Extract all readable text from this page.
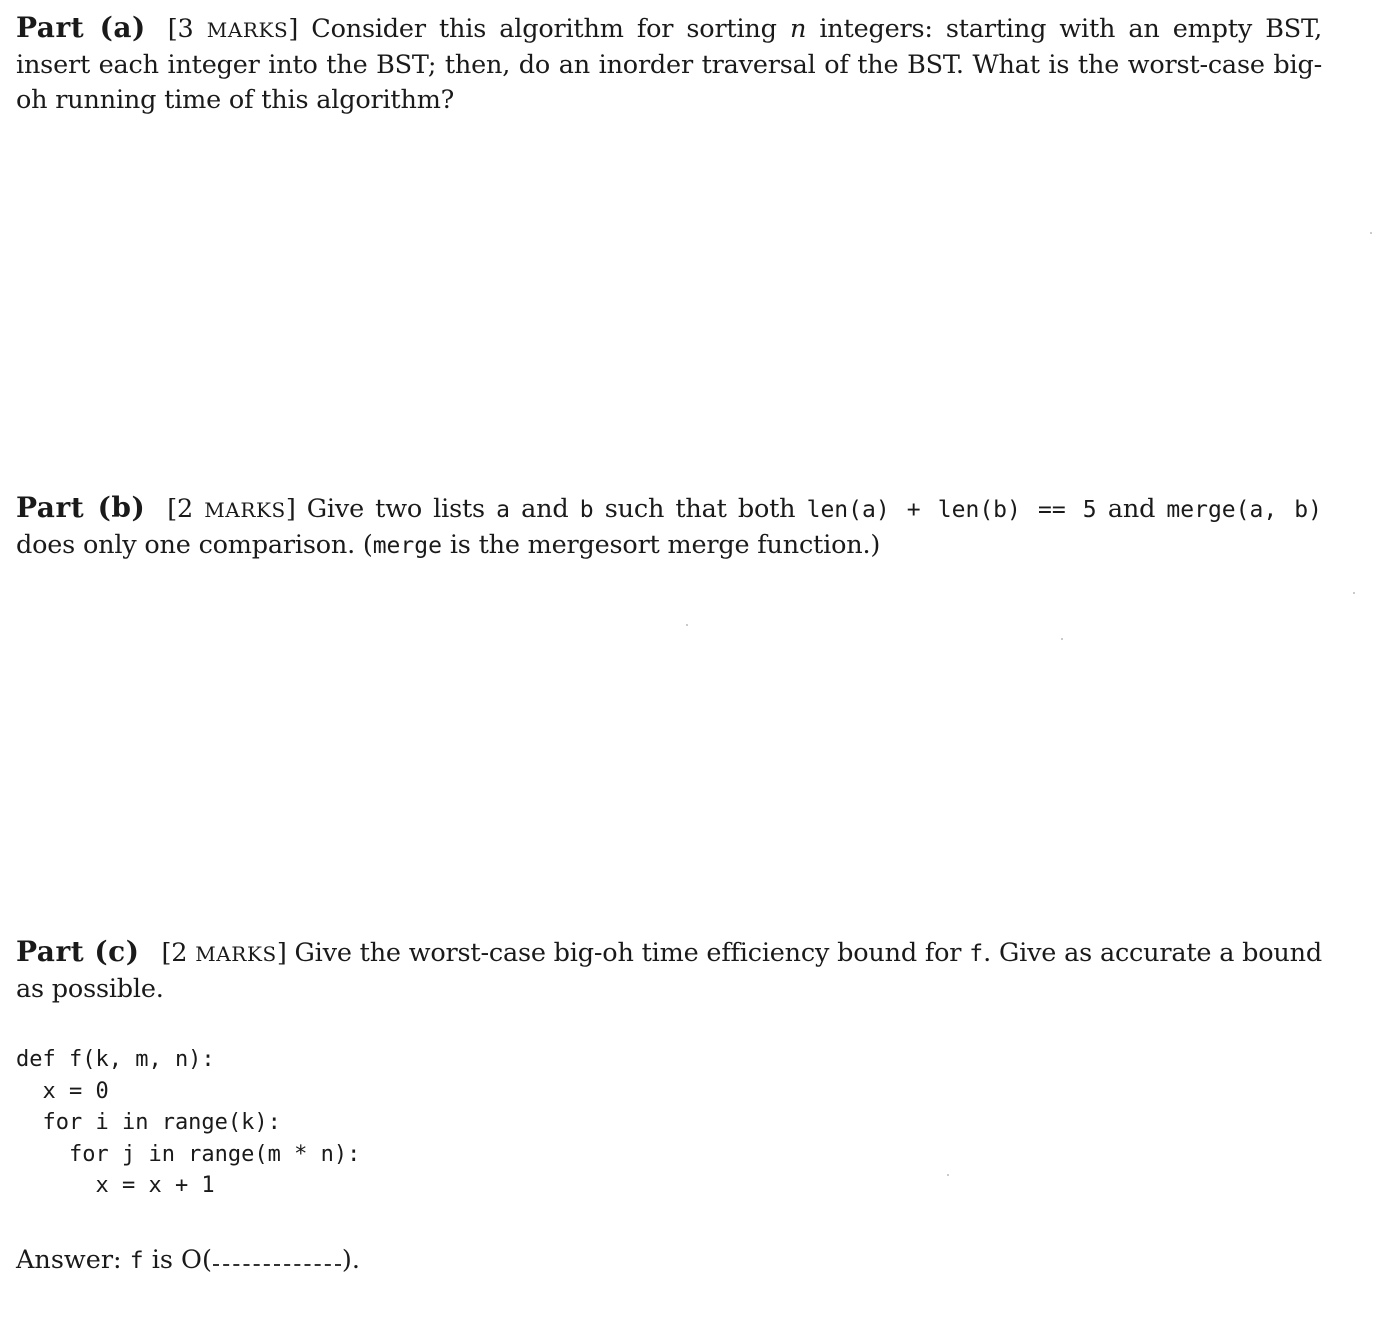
Part (a) [3 MARKS] Consider this algorithm for sorting n integers: starting with an empty BST, insert each integer into the BST; then, do an inorder traversal of the BST. What is the worst-case big-oh running time of this algorithm?
Part (b) [2 MARKS] Give two lists a and b such that both len(a) + len(b) == 5 and merge(a, b) does only one comparison. (merge is the mergesort merge function.)
Part (c) [2 MARKS] Give the worst-case big-oh time efficiency bound for f. Give as accurate a bound as possible.
def f(k, m, n):
x = 0
for i in range(k):
for j in range(m * n):
x = x + 1
Answer: f is O(	).
